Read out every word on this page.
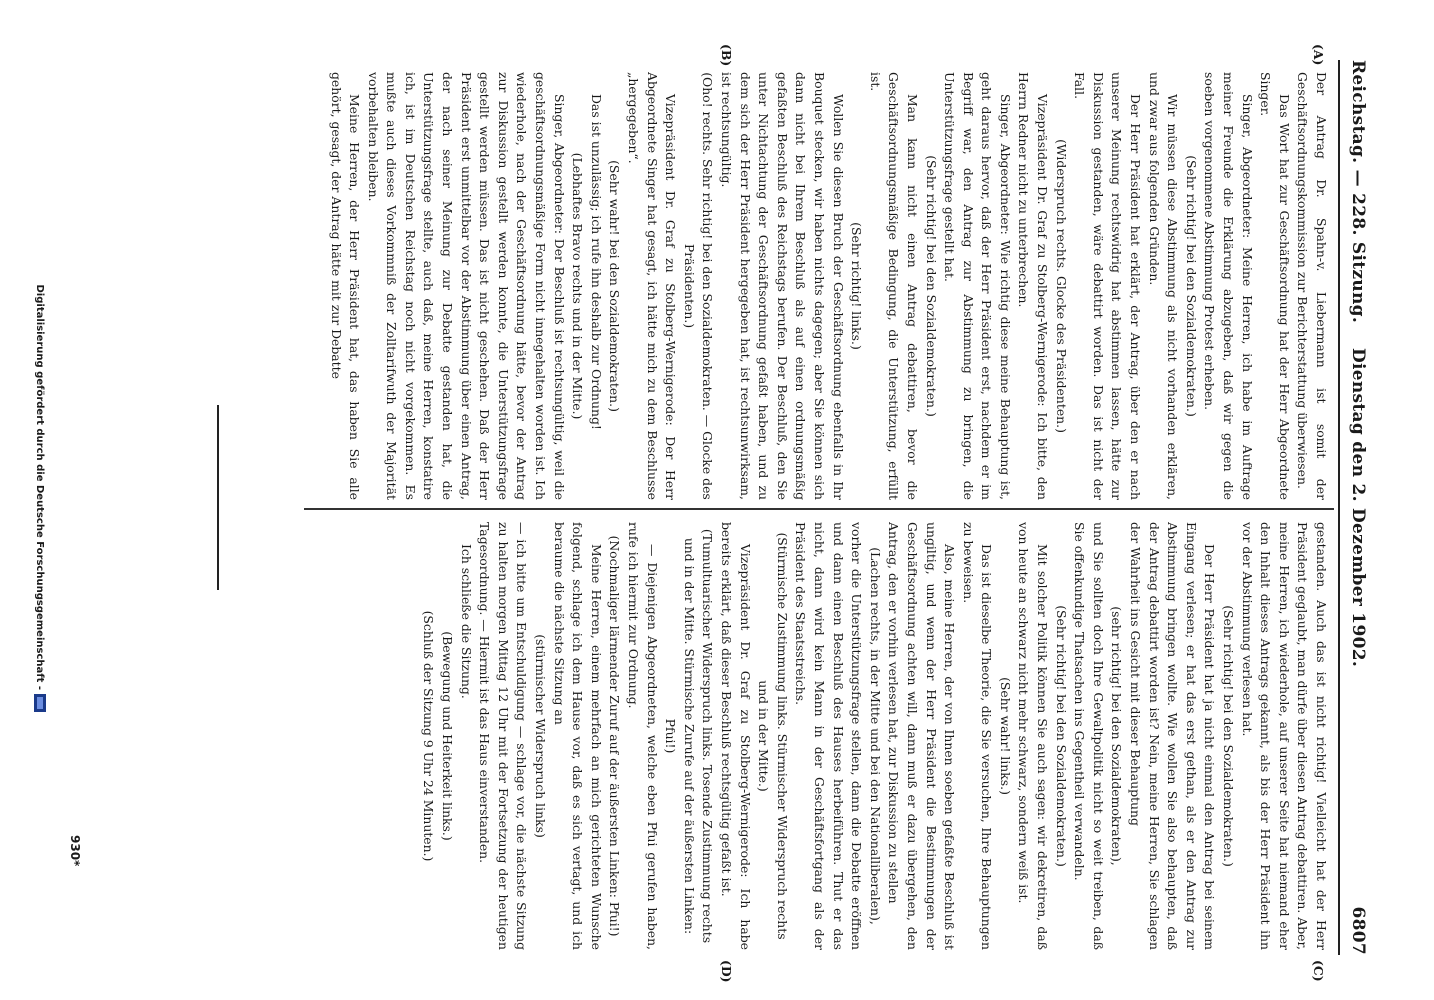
Reichstag. — 228. Sitzung.
Dienstag den 2. Dezember 1902.
6807
(A)
(B)
(C)
(D)

Der Antrag Dr. Spahn-v. Liebermann ist somit der Geschäftsordnungskommission zur Berichterstattung überwiesen.

Das Wort hat zur Geschäftsordnung hat der Herr Abgeordnete Singer.

Singer, Abgeordneter: Meine Herren, ich habe im Auftrage meiner Freunde die Erklärung abzugeben, daß wir gegen die soeben vorgenommene Abstimmung Protest erheben.

(Sehr richtig! bei den Sozialdemokraten.)

Wir müssen diese Abstimmung als nicht vorhanden erklären, und zwar aus folgenden Gründen.

Der Herr Präsident hat erklärt, der Antrag, über den er nach unserer Meinung rechtswidrig hat abstimmen lassen, hätte zur Diskussion gestanden, wäre debattirt worden. Das ist nicht der Fall.

(Widerspruch rechts. Glocke des Präsidenten.)

Vizepräsident Dr. Graf zu Stolberg-Wernigerode: Ich bitte, den Herrn Redner nicht zu unterbrechen.

Singer, Abgeordneter: Wie richtig diese meine Behauptung ist, geht daraus hervor, daß der Herr Präsident erst, nachdem er im Begriff war, den Antrag zur Abstimmung zu bringen, die Unterstützungsfrage gestellt hat.

(Sehr richtig! bei den Sozialdemokraten.)

Man kann nicht einen Antrag debattiren, bevor die Geschäftsordnungsmäßige Bedingung, die Unterstützung, erfüllt ist.

(Sehr richtig! links.)

Wollen Sie diesen Bruch der Geschäftsordnung ebenfalls in Ihr Bouquet stecken, wir haben nichts dagegen; aber Sie können sich dann nicht bei Ihrem Beschluß als auf einen ordnungsmäßig gefaßten Beschluß des Reichstags berufen. Der Beschluß, den Sie unter Nichtachtung der Geschäftsordnung gefaßt haben, und zu dem sich der Herr Präsident hergegeben hat, ist rechtsunwirksam, ist rechtsungültig.

(Oho! rechts. Sehr richtig! bei den Sozialdemokraten. — Glocke des Präsidenten.)

Vizepräsident Dr. Graf zu Stolberg-Wernigerode: Der Herr Abgeordnete Singer hat gesagt, ich hätte mich zu dem Beschlusse „hergegeben“.

(Sehr wahr! bei den Sozialdemokraten.)

Das ist unzulässig; ich rufe ihn deshalb zur Ordnung!

(Lebhaftes Bravo rechts und in der Mitte.)

Singer, Abgeordneter: Der Beschluß ist rechtsungültig, weil die geschäftsordnungsmäßige Form nicht innegehalten worden ist. Ich wiederhole, nach der Geschäftsordnung hätte, bevor der Antrag zur Diskussion gestellt werden konnte, die Unterstützungsfrage gestellt werden müssen. Das ist nicht geschehen. Daß der Herr Präsident erst unmittelbar vor der Abstimmung über einen Antrag, der nach seiner Meinung zur Debatte gestanden hat, die Unterstützungsfrage stellte, auch daß, meine Herren, konstatire ich, ist im Deutschen Reichstag noch nicht vorgekommen. Es mußte auch dieses Vorkommniß der Zolltarifwuth der Majorität vorbehalten bleiben.

Meine Herren, der Herr Präsident hat, das haben Sie alle gehört, gesagt, der Antrag hätte mit zur Debatte

gestanden. Auch das ist nicht richtig! Vielleicht hat der Herr Präsident geglaubt, man dürfe über diesen Antrag debattiren. Aber, meine Herren, ich wiederhole, auf unserer Seite hat niemand eher den Inhalt dieses Antrags gekannt, als bis der Herr Präsident ihn vor der Abstimmung verlesen hat.

(Sehr richtig! bei den Sozialdemokraten.)

Der Herr Präsident hat ja nicht einmal den Antrag bei seinem Eingang verlesen; er hat das erst gethan, als er den Antrag zur Abstimmung bringen wollte. Wie wollen Sie also behaupten, daß der Antrag debattirt worden ist? Nein, meine Herren, Sie schlagen der Wahrheit ins Gesicht mit dieser Behauptung

(sehr richtig! bei den Sozialdemokraten),

und Sie sollten doch Ihre Gewaltpolitik nicht so weit treiben, daß Sie offenkundige Thatsachen ins Gegentheil verwandeln.

(Sehr richtig! bei den Sozialdemokraten.)

Mit solcher Politik können Sie auch sagen: wir dekretiren, daß von heute an schwarz nicht mehr schwarz, sondern weiß ist.

(Sehr wahr! links.)

Das ist dieselbe Theorie, die Sie versuchen, Ihre Behauptungen zu beweisen.

Also, meine Herren, der von Ihnen soeben gefaßte Beschluß ist ungiltig, und wenn der Herr Präsident die Bestimmungen der Geschäftsordnung achten will, dann muß er dazu übergehen, den Antrag, den er vorhin verlesen hat, zur Diskussion zu stellen

(Lachen rechts, in der Mitte und bei den Nationalliberalen),

vorher die Unterstützungsfrage stellen, dann die Debatte eröffnen und dann einen Beschluß des Hauses herbeiführen. Thut er das nicht, dann wird kein Mann in der Geschäftsfortgang als der Präsident des Staatsstreichs.

(Stürmische Zustimmung links. Stürmischer Widerspruch rechts und in der Mitte.)

Vizepräsident Dr. Graf zu Stolberg-Wernigerode: Ich habe bereits erklärt, daß dieser Beschluß rechtsgültig gefaßt ist.

(Tumultuarischer Widerspruch links. Tosende Zustimmung rechts und in der Mitte. Stürmische Zurufe auf der äußersten Linken: Pfui!)

— Diejenigen Abgeordneten, welche eben Pfui gerufen haben, rufe ich hiermit zur Ordnung.

(Nochmaliger lärmender Zuruf auf der äußersten Linken: Pfui!)

Meine Herren, einem mehrfach an mich gerichteten Wunsche folgend, schlage ich dem Hause vor, daß es sich vertagt, und ich beraume die nächste Sitzung an

(stürmischer Widerspruch links)

— ich bitte um Entschuldigung — schlage vor, die nächste Sitzung zu halten morgen Mittag 12 Uhr mit der Fortsetzung der heutigen Tagesordnung. — Hiermit ist das Haus einverstanden.

Ich schließe die Sitzung.

(Bewegung und Heiterkeit links.)

(Schluß der Sitzung 9 Uhr 24 Minuten.)

930*
Digitalisierung gefördert durch die Deutsche Forschungsgemeinschaft -
